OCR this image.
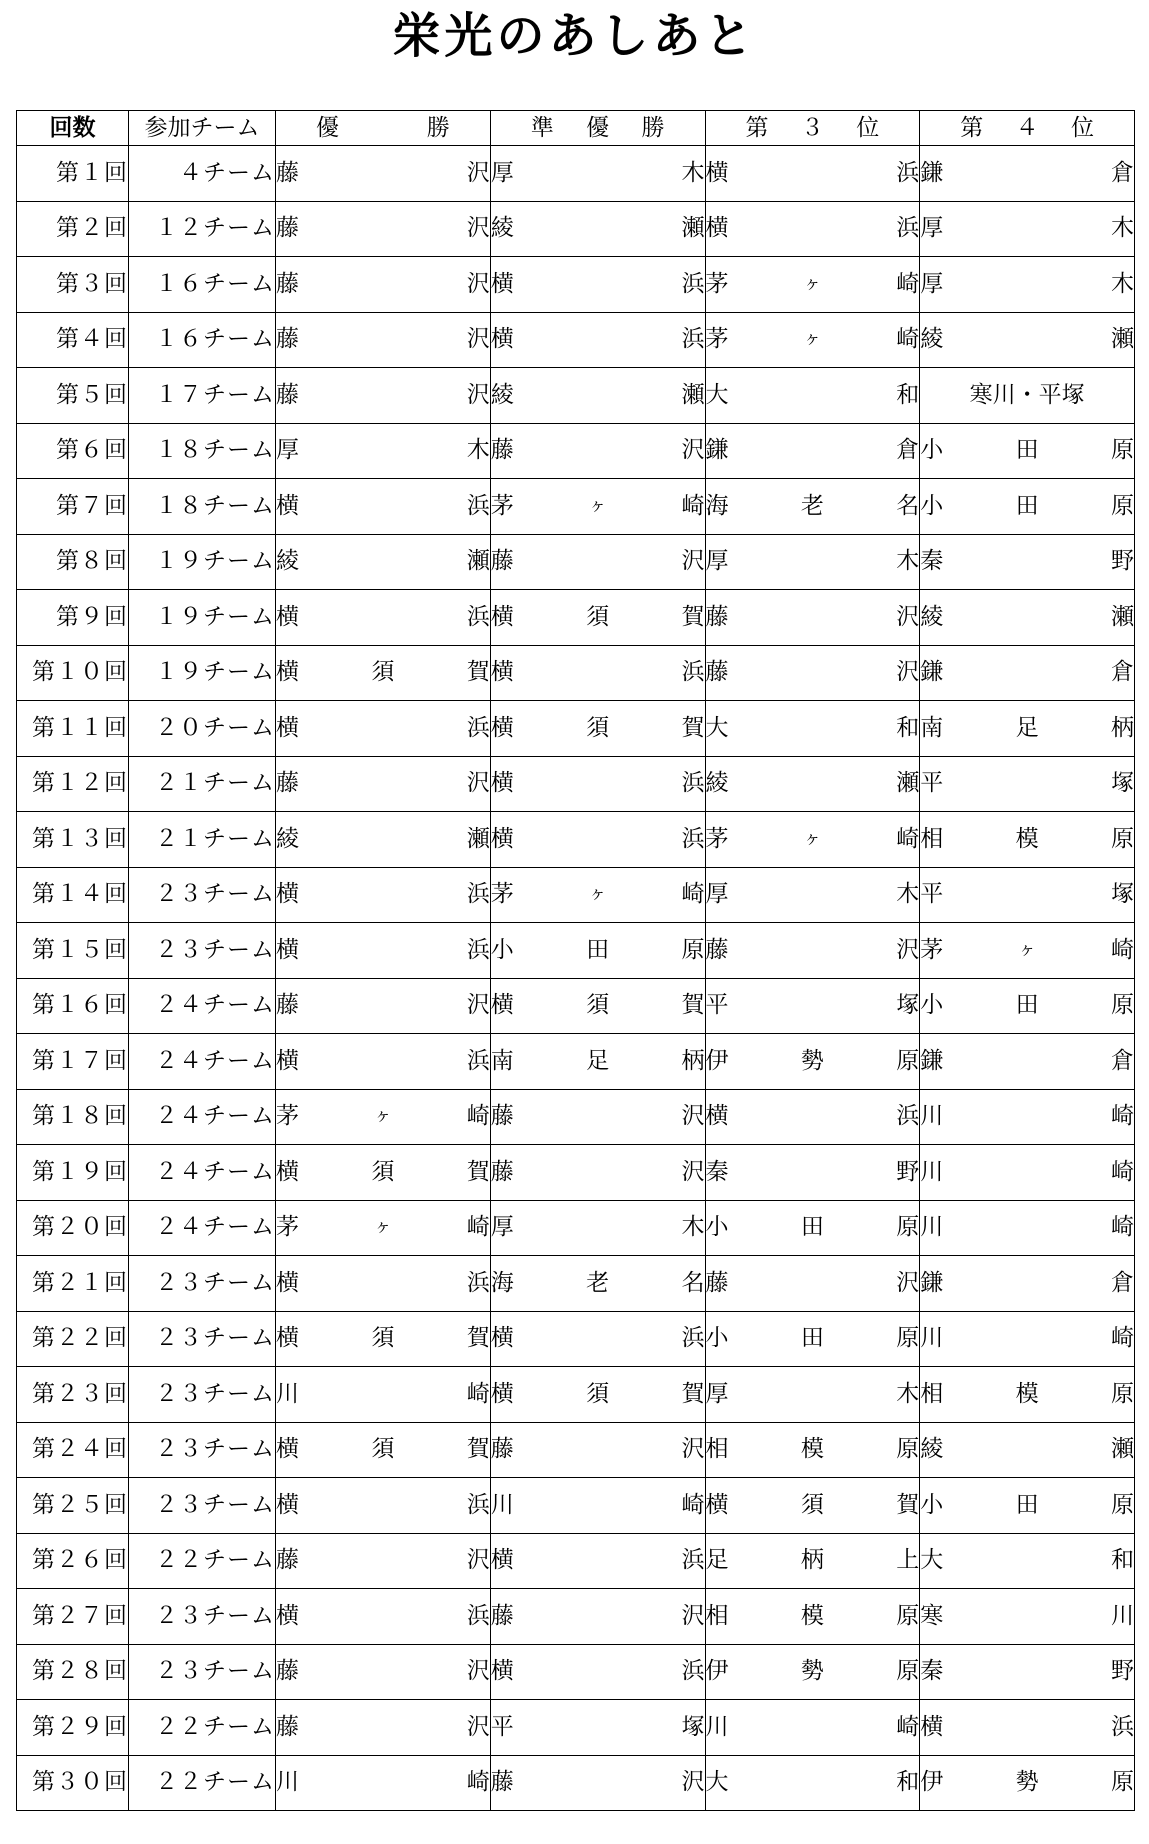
栄光のあしあと
回数	参加チーム	優 勝	準 優 勝	第 ３ 位	第 ４ 位

第１回	４チーム	藤 沢	厚 木	横 浜	鎌 倉

第２回	１２チーム	藤 沢	綾 瀬	横 浜	厚 木

第３回	１６チーム	藤 沢	横 浜	茅 ヶ 崎	厚 木

第４回	１６チーム	藤 沢	横 浜	茅 ヶ 崎	綾 瀬

第５回	１７チーム	藤 沢	綾 瀬	大 和	寒川・平塚

第６回	１８チーム	厚 木	藤 沢	鎌 倉	小 田 原

第７回	１８チーム	横 浜	茅 ヶ 崎	海 老 名	小 田 原

第８回	１９チーム	綾 瀬	藤 沢	厚 木	秦 野

第９回	１９チーム	横 浜	横 須 賀	藤 沢	綾 瀬

第１０回	１９チーム	横 須 賀	横 浜	藤 沢	鎌 倉

第１１回	２０チーム	横 浜	横 須 賀	大 和	南 足 柄

第１２回	２１チーム	藤 沢	横 浜	綾 瀬	平 塚

第１３回	２１チーム	綾 瀬	横 浜	茅 ヶ 崎	相 模 原

第１４回	２３チーム	横 浜	茅 ヶ 崎	厚 木	平 塚

第１５回	２３チーム	横 浜	小 田 原	藤 沢	茅 ヶ 崎

第１６回	２４チーム	藤 沢	横 須 賀	平 塚	小 田 原

第１７回	２４チーム	横 浜	南 足 柄	伊 勢 原	鎌 倉

第１８回	２４チーム	茅 ヶ 崎	藤 沢	横 浜	川 崎

第１９回	２４チーム	横 須 賀	藤 沢	秦 野	川 崎

第２０回	２４チーム	茅 ヶ 崎	厚 木	小 田 原	川 崎

第２１回	２３チーム	横 浜	海 老 名	藤 沢	鎌 倉

第２２回	２３チーム	横 須 賀	横 浜	小 田 原	川 崎

第２３回	２３チーム	川 崎	横 須 賀	厚 木	相 模 原

第２４回	２３チーム	横 須 賀	藤 沢	相 模 原	綾 瀬

第２５回	２３チーム	横 浜	川 崎	横 須 賀	小 田 原

第２６回	２２チーム	藤 沢	横 浜	足 柄 上	大 和

第２７回	２３チーム	横 浜	藤 沢	相 模 原	寒 川

第２８回	２３チーム	藤 沢	横 浜	伊 勢 原	秦 野

第２９回	２２チーム	藤 沢	平 塚	川 崎	横 浜

第３０回	２２チーム	川 崎	藤 沢	大 和	伊 勢 原
